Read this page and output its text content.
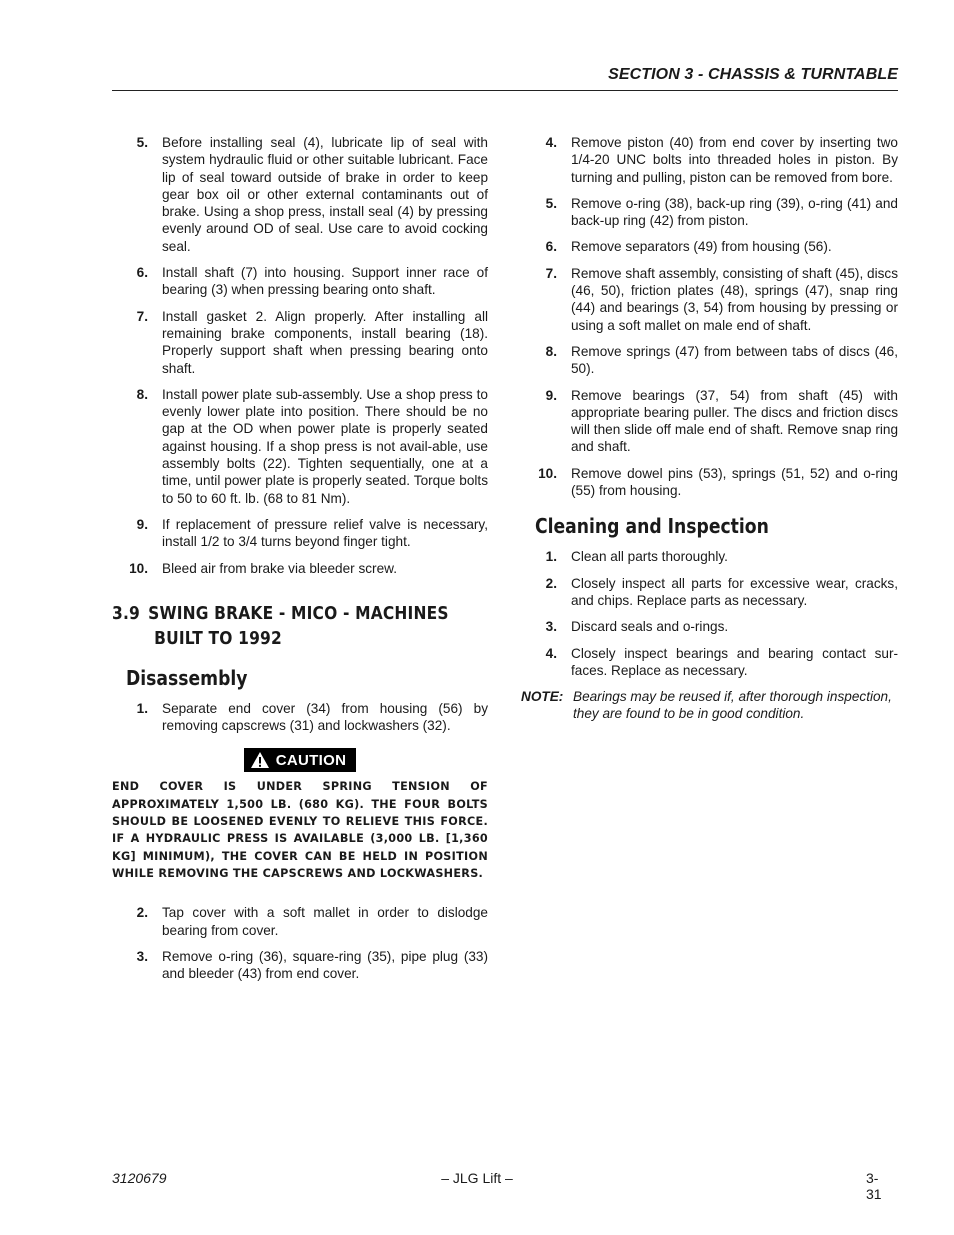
SECTION 3 - CHASSIS & TURNTABLE
5. Before installing seal (4), lubricate lip of seal with system hydraulic fluid or other suitable lubricant. Face lip of seal toward outside of brake in order to keep gear box oil or other external contaminants out of brake. Using a shop press, install seal (4) by pressing evenly around OD of seal. Use care to avoid cocking seal.
6. Install shaft (7) into housing. Support inner race of bearing (3) when pressing bearing onto shaft.
7. Install gasket 2. Align properly. After installing all remaining brake components, install bearing (18). Properly support shaft when pressing bearing onto shaft.
8. Install power plate sub-assembly. Use a shop press to evenly lower plate into position. There should be no gap at the OD when power plate is properly seated against housing. If a shop press is not avail-able, use assembly bolts (22). Tighten sequentially, one at a time, until power plate is properly seated. Torque bolts to 50 to 60 ft. lb. (68 to 81 Nm).
9. If replacement of pressure relief valve is necessary, install 1/2 to 3/4 turns beyond finger tight.
10. Bleed air from brake via bleeder screw.
3.9 SWING BRAKE - MICO - MACHINES
BUILT TO 1992
Disassembly
1. Separate end cover (34) from housing (56) by removing capscrews (31) and lockwashers (32).
CAUTION
END COVER IS UNDER SPRING TENSION OF APPROXIMATELY 1,500 LB. (680 KG). THE FOUR BOLTS SHOULD BE LOOSENED EVENLY TO RELIEVE THIS FORCE. IF A HYDRAULIC PRESS IS AVAILABLE (3,000 LB. [1,360 KG] MINIMUM), THE COVER CAN BE HELD IN POSITION WHILE REMOVING THE CAPSCREWS AND LOCKWASHERS.
2. Tap cover with a soft mallet in order to dislodge bearing from cover.
3. Remove o-ring (36), square-ring (35), pipe plug (33) and bleeder (43) from end cover.
4. Remove piston (40) from end cover by inserting two 1/4-20 UNC bolts into threaded holes in piston. By turning and pulling, piston can be removed from bore.
5. Remove o-ring (38), back-up ring (39), o-ring (41) and back-up ring (42) from piston.
6. Remove separators (49) from housing (56).
7. Remove shaft assembly, consisting of shaft (45), discs (46, 50), friction plates (48), springs (47), snap ring (44) and bearings (3, 54) from housing by pressing or using a soft mallet on male end of shaft.
8. Remove springs (47) from between tabs of discs (46, 50).
9. Remove bearings (37, 54) from shaft (45) with appropriate bearing puller. The discs and friction discs will then slide off male end of shaft. Remove snap ring and shaft.
10. Remove dowel pins (53), springs (51, 52) and o-ring (55) from housing.
Cleaning and Inspection
1. Clean all parts thoroughly.
2. Closely inspect all parts for excessive wear, cracks, and chips. Replace parts as necessary.
3. Discard seals and o-rings.
4. Closely inspect bearings and bearing contact sur-faces. Replace as necessary.
NOTE: Bearings may be reused if, after thorough inspection, they are found to be in good condition.
3120679	– JLG Lift –	3-31
